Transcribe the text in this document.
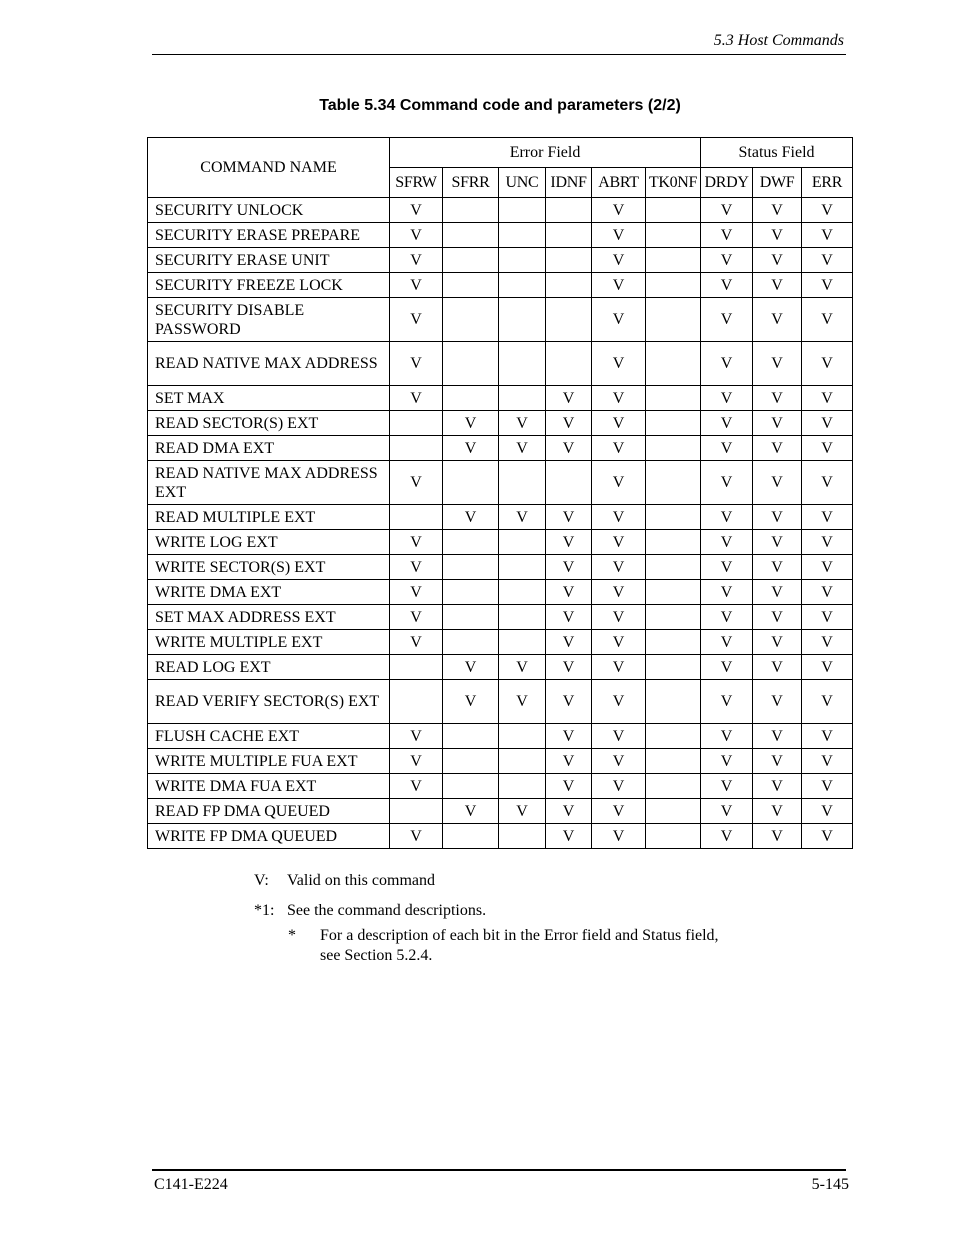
5.3 Host Commands
Table 5.34 Command code and parameters (2/2)
COMMAND NAME	Error Field						Status Field		
	SFRW	SFRR	UNC	IDNF	ABRT	TK0NF	DRDY	DWF	ERR
SECURITY UNLOCK	V				V		V	V	V
SECURITY ERASE PREPARE	V				V		V	V	V
SECURITY ERASE UNIT	V				V		V	V	V
SECURITY FREEZE LOCK	V				V		V	V	V
SECURITY DISABLE PASSWORD	V				V		V	V	V
READ NATIVE MAX ADDRESS	V				V		V	V	V
SET MAX	V			V	V		V	V	V
READ SECTOR(S) EXT		V	V	V	V		V	V	V
READ DMA EXT		V	V	V	V		V	V	V
READ NATIVE MAX ADDRESS EXT	V				V		V	V	V
READ MULTIPLE EXT		V	V	V	V		V	V	V
WRITE LOG EXT	V			V	V		V	V	V
WRITE SECTOR(S) EXT	V			V	V		V	V	V
WRITE DMA EXT	V			V	V		V	V	V
SET MAX ADDRESS EXT	V			V	V		V	V	V
WRITE MULTIPLE EXT	V			V	V		V	V	V
READ LOG EXT		V	V	V	V		V	V	V
READ VERIFY SECTOR(S) EXT		V	V	V	V		V	V	V
FLUSH CACHE EXT	V			V	V		V	V	V
WRITE MULTIPLE FUA EXT	V			V	V		V	V	V
WRITE DMA FUA EXT	V			V	V		V	V	V
READ FP DMA QUEUED		V	V	V	V		V	V	V
WRITE FP DMA QUEUED	V			V	V		V	V	V
V: Valid on this command
*1: See the command descriptions.
* For a description of each bit in the Error field and Status field,
see Section 5.2.4.
C141-E224	5-145
